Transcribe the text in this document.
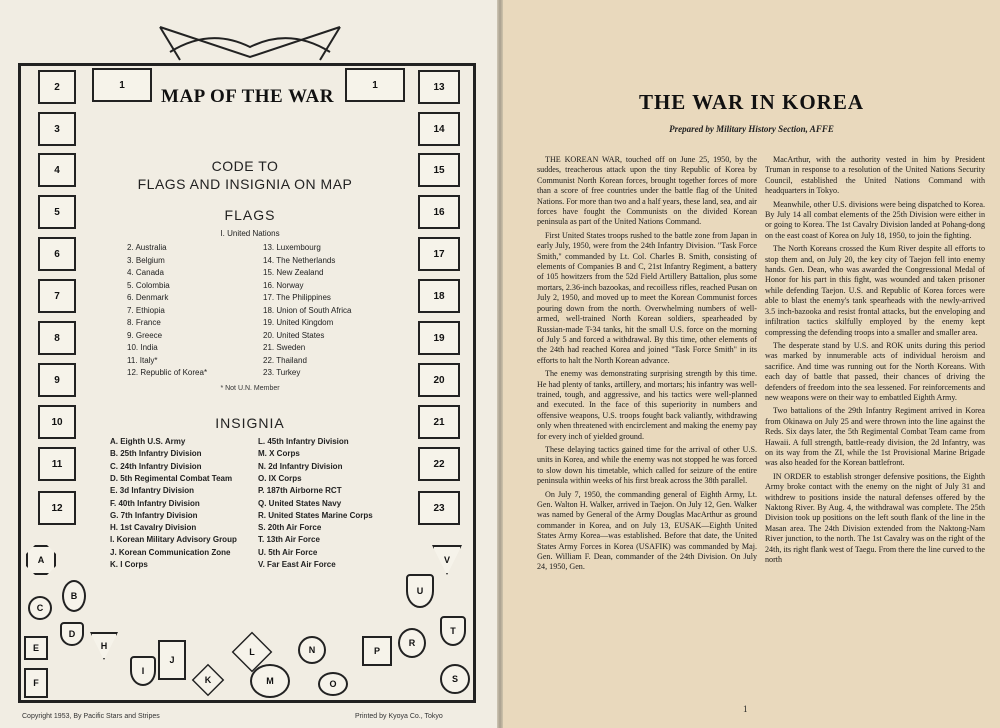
MAP OF THE WAR
CODE TO
FLAGS AND INSIGNIA ON MAP
FLAGS
I. United Nations
2. Australia
3. Belgium
4. Canada
5. Colombia
6. Denmark
7. Ethiopia
8. France
9. Greece
10. India
11. Italy*
12. Republic of Korea*
13. Luxembourg
14. The Netherlands
15. New Zealand
16. Norway
17. The Philippines
18. Union of South Africa
19. United Kingdom
20. United States
21. Sweden
22. Thailand
23. Turkey
* Not U.N. Member
INSIGNIA
A. Eighth U.S. Army
B. 25th Infantry Division
C. 24th Infantry Division
D. 5th Regimental Combat Team
E. 3d Infantry Division
F. 40th Infantry Division
G. 7th Infantry Division
H. 1st Cavalry Division
I. Korean Military Advisory Group
J. Korean Communication Zone
K. I Corps
L. 45th Infantry Division
M. X Corps
N. 2d Infantry Division
O. IX Corps
P. 187th Airborne RCT
Q. United States Navy
R. United States Marine Corps
S. 20th Air Force
T. 13th Air Force
U. 5th Air Force
V. Far East Air Force
2
3
4
5
6
7
8
9
10
11
12
13
14
15
16
17
18
19
20
21
22
23
1	1
A
B
C
D
E
F
H
I
J
K
L
M
N
O
P
R
S
T
U
V
Copyright 1953, By Pacific Stars and Stripes	Printed by Kyoya Co., Tokyo
THE WAR IN KOREA
Prepared by Military History Section, AFFE

THE KOREAN WAR, touched off on June 25, 1950, by the suddes, treacherous attack upon the tiny Republic of Korea by Communist North Korean forces, brought together forces of more than a score of free countries under the battle flag of the United Nations. For more than two and a half years, these land, sea, and air forces have fought the Communists on the divided Korean peninsula as part of the United Nations Command.

First United States troops rushed to the battle zone from Japan in early July, 1950, were from the 24th Infantry Division. "Task Force Smith," commanded by Lt. Col. Charles B. Smith, consisting of elements of Companies B and C, 21st Infantry Regiment, a battery of 105 howitzers from the 52d Field Artillery Battalion, plus some mortars, 2.36-inch bazookas, and recoilless rifles, reached Pusan on July 2, 1950, and moved up to meet the Korean Communist forces pouring down from the north. Overwhelming numbers of well-armed, well-trained North Korean soldiers, spearheaded by Russian-made T-34 tanks, hit the small U.S. force on the morning of July 5 and forced a withdrawal. By this time, other elements of the 24th had reached Korea and joined "Task Force Smith" in its efforts to halt the North Korean advance.

The enemy was demonstrating surprising strength by this time. He had plenty of tanks, artillery, and mortars; his infantry was well-trained, tough, and aggressive, and his tactics were well-planned and executed. In the face of this superiority in numbers and offensive weapons, U.S. troops fought back valiantly, withdrawing only when threatened with encirclement and making the enemy pay for every inch of yielded ground.

These delaying tactics gained time for the arrival of other U.S. units in Korea, and while the enemy was not stopped he was forced to slow down his timetable, which called for seizure of the entire peninsula within weeks of his first break across the 38th parallel.

On July 7, 1950, the commanding general of Eighth Army, Lt. Gen. Walton H. Walker, arrived in Taejon. On July 12, Gen. Walker was named by General of the Army Douglas MacArthur as ground commander in Korea, and on July 13, EUSAK—Eighth United States Army Korea—was established. Before that date, the United States Army Forces in Korea (USAFIK) was commanded by Maj. Gen. William F. Dean, commander of the 24th Division. On July 24, 1950, Gen.

MacArthur, with the authority vested in him by President Truman in response to a resolution of the United Nations Security Council, established the United Nations Command with headquarters in Tokyo.

Meanwhile, other U.S. divisions were being dispatched to Korea. By July 14 all combat elements of the 25th Division were either in or going to Korea. The 1st Cavalry Division landed at Pohang-dong on the east coast of Korea on July 18, 1950, to join the fighting.

The North Koreans crossed the Kum River despite all efforts to stop them and, on July 20, the key city of Taejon fell into enemy hands. Gen. Dean, who was awarded the Congressional Medal of Honor for his part in this fight, was wounded and taken prisoner while defending Taejon. U.S. and Republic of Korea forces were able to blast the enemy's tank spearheads with the newly-arrived 3.5 inch-bazooka and resist frontal attacks, but the enveloping and infiltration tactics skilfully employed by the enemy kept compressing the defending troops into a smaller and smaller area.

The desperate stand by U.S. and ROK units during this period was marked by innumerable acts of individual heroism and sacrifice. And time was running out for the North Koreans. With each day of battle that passed, their chances of driving the defenders of freedom into the sea lessened. For reinforcements and new weapons were on their way to embattled Eighth Army.

Two battalions of the 29th Infantry Regiment arrived in Korea from Okinawa on July 25 and were thrown into the line against the Reds. Six days later, the 5th Regimental Combat Team came from Hawaii. A full strength, battle-ready division, the 2d Infantry, was on its way from the ZI, while the 1st Provisional Marine Brigade was also headed for the Korean battlefront.

IN ORDER to establish stronger defensive positions, the Eighth Army broke contact with the enemy on the night of July 31 and withdrew to positions inside the natural defenses offered by the Naktong River. By Aug. 4, the withdrawal was complete. The 25th Division took up positions on the left south flank of the line in the Masan area. The 24th Division extended from the Naktong-Nam River junction, to the north. The 1st Cavalry was on the right of the 24th, its right flank west of Taegu. From there the line curved to the north

1
